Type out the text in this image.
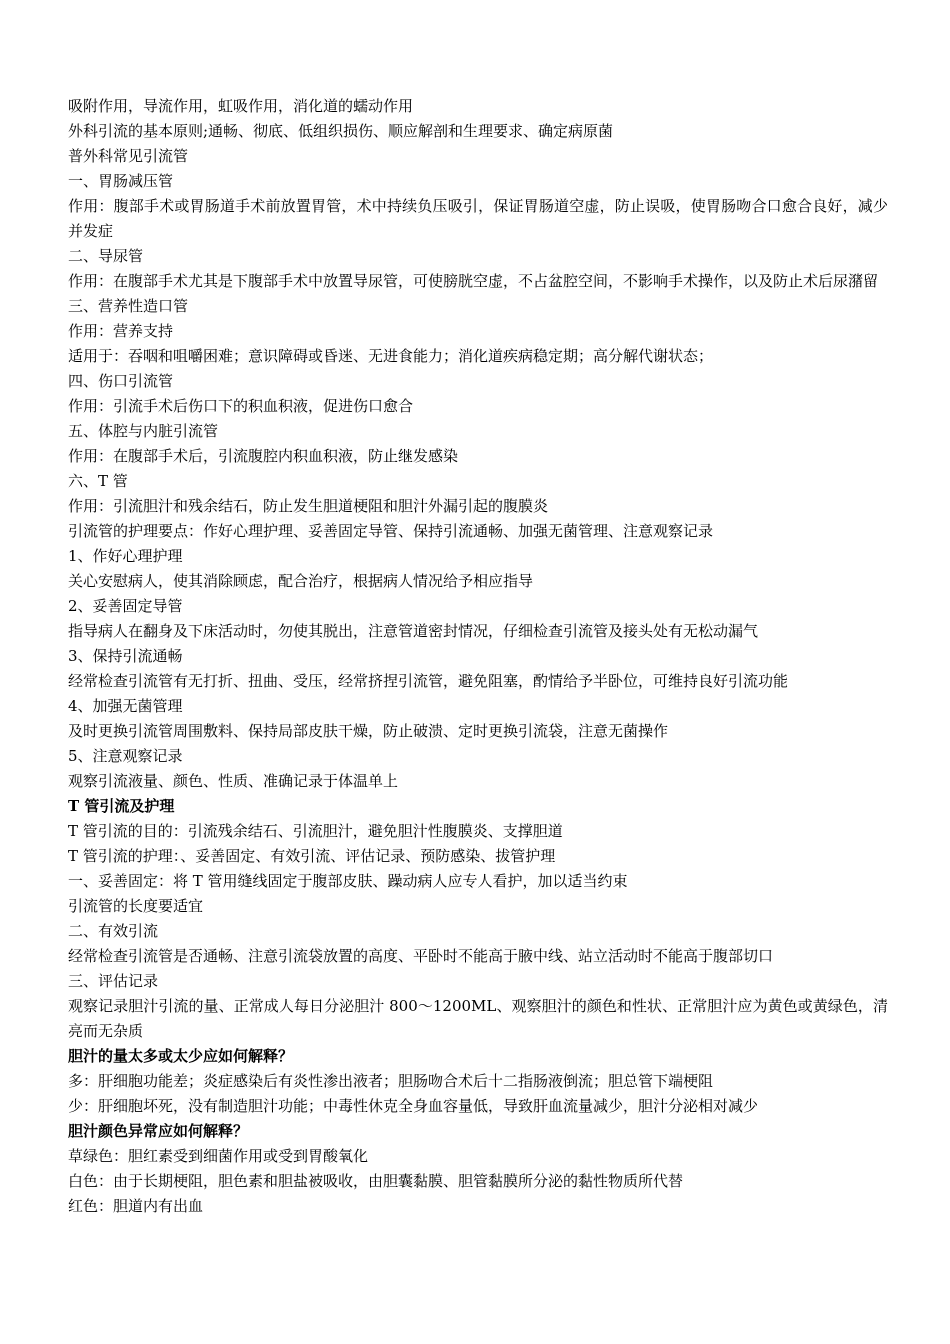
吸附作用，导流作用，虹吸作用，消化道的蠕动作用
外科引流的基本原则;通畅、彻底、低组织损伤、顺应解剖和生理要求、确定病原菌
普外科常见引流管
一、胃肠减压管
作用：腹部手术或胃肠道手术前放置胃管，术中持续负压吸引，保证胃肠道空虚，防止误吸，使胃肠吻合口愈合良好，减少并发症
二、导尿管
作用：在腹部手术尤其是下腹部手术中放置导尿管，可使膀胱空虚，不占盆腔空间，不影响手术操作，以及防止术后尿潴留
三、营养性造口管
作用：营养支持
适用于：吞咽和咀嚼困难；意识障碍或昏迷、无进食能力；消化道疾病稳定期；高分解代谢状态；
四、伤口引流管
作用：引流手术后伤口下的积血积液，促进伤口愈合
五、体腔与内脏引流管
作用：在腹部手术后，引流腹腔内积血积液，防止继发感染
六、T 管
作用：引流胆汁和残余结石，防止发生胆道梗阻和胆汁外漏引起的腹膜炎
引流管的护理要点：作好心理护理、妥善固定导管、保持引流通畅、加强无菌管理、注意观察记录
1、作好心理护理
关心安慰病人，使其消除顾虑，配合治疗，根据病人情况给予相应指导
2、妥善固定导管
指导病人在翻身及下床活动时，勿使其脱出，注意管道密封情况，仔细检查引流管及接头处有无松动漏气
3、保持引流通畅
经常检查引流管有无打折、扭曲、受压，经常挤捏引流管，避免阻塞，酌情给予半卧位，可维持良好引流功能
4、加强无菌管理
及时更换引流管周围敷料、保持局部皮肤干燥，防止破溃、定时更换引流袋，注意无菌操作
5、注意观察记录
观察引流液量、颜色、性质、准确记录于体温单上
T 管引流及护理
T 管引流的目的：引流残余结石、引流胆汁，避免胆汁性腹膜炎、支撑胆道
T 管引流的护理：、妥善固定、有效引流、评估记录、预防感染、拔管护理
一、妥善固定：将 T 管用缝线固定于腹部皮肤、躁动病人应专人看护，加以适当约束
引流管的长度要适宜
二、有效引流
经常检查引流管是否通畅、注意引流袋放置的高度、平卧时不能高于腋中线、站立活动时不能高于腹部切口
三、评估记录
观察记录胆汁引流的量、正常成人每日分泌胆汁 800～1200ML、观察胆汁的颜色和性状、正常胆汁应为黄色或黄绿色，清亮而无杂质
胆汁的量太多或太少应如何解释？
多：肝细胞功能差；炎症感染后有炎性渗出液者；胆肠吻合术后十二指肠液倒流；胆总管下端梗阻
少：肝细胞坏死，没有制造胆汁功能；中毒性休克全身血容量低，导致肝血流量减少，胆汁分泌相对减少
胆汁颜色异常应如何解释？
草绿色：胆红素受到细菌作用或受到胃酸氧化
白色：由于长期梗阻，胆色素和胆盐被吸收，由胆囊黏膜、胆管黏膜所分泌的黏性物质所代替
红色：胆道内有出血
